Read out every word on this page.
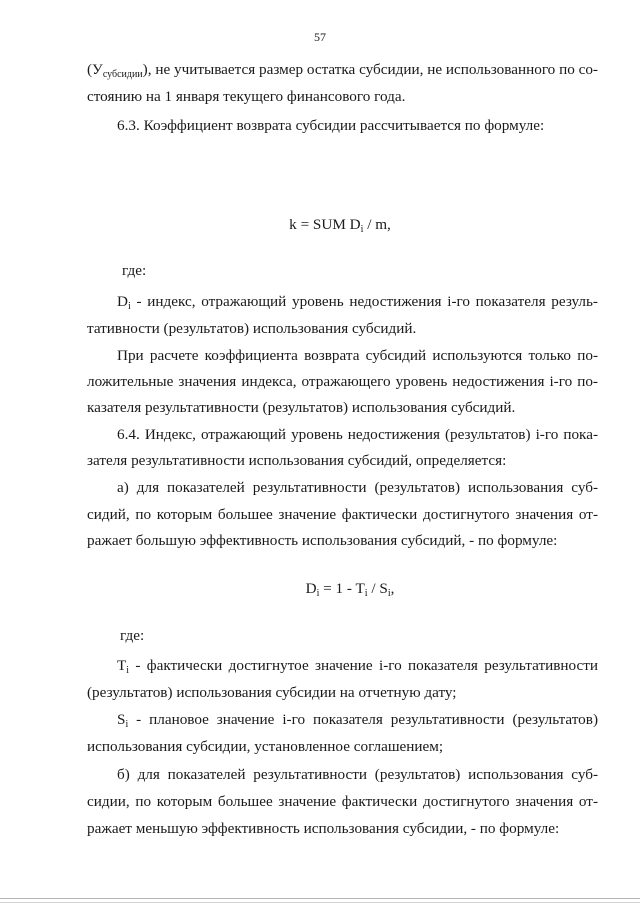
57
$(У_{субсидии})$, не учитывается размер остатка субсидии, не использованного по со-
стоянию на 1 января текущего финансового года.
6.3. Коэффициент возврата субсидии рассчитывается по формуле:
k = SUM $D_i$ / m,
где:
$D_i$ - индекс, отражающий уровень недостижения i-го показателя резуль-
тативности (результатов) использования субсидий.
При расчете коэффициента возврата субсидий используются только по-
ложительные значения индекса, отражающего уровень недостижения i-го по-
казателя результативности (результатов) использования субсидий.
6.4. Индекс, отражающий уровень недостижения (результатов) i-го пока-
зателя результативности использования субсидий, определяется:
а) для показателей результативности (результатов) использования суб-
сидий, по которым большее значение фактически достигнутого значения от-
ражает большую эффективность использования субсидий, - по формуле:
$D_i = 1 - T_i / S_i$,
где:
$T_i$ - фактически достигнутое значение i-го показателя результативности
(результатов) использования субсидии на отчетную дату;
$S_i$ - плановое значение i-го показателя результативности (результатов)
использования субсидии, установленное соглашением;
б) для показателей результативности (результатов) использования суб-
сидии, по которым большее значение фактически достигнутого значения от-
ражает меньшую эффективность использования субсидии, - по формуле:
